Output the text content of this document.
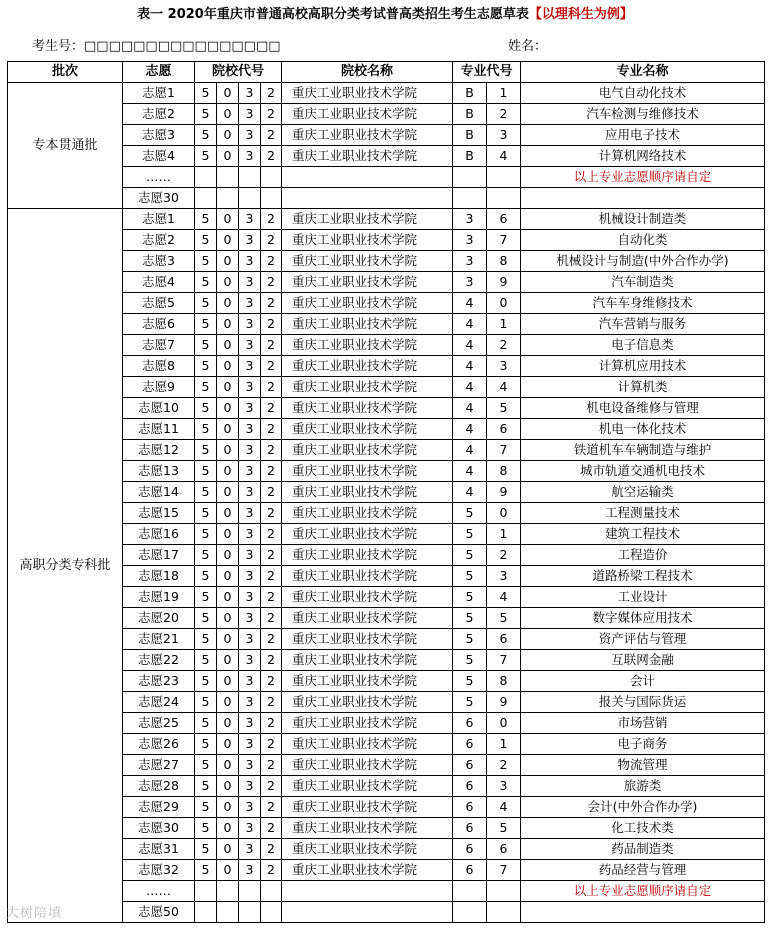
表一 2020年重庆市普通高校高职分类考试普高类招生考生志愿草表【以理科生为例】
考生号：□□□□□□□□□□□□□□□□	姓名：
批次	志愿	院校代号				院校名称	专业代号		专业名称
专本贯通批	志愿1	5	0	3	2	重庆工业职业技术学院	B	1	电气自动化技术
	志愿2	5	0	3	2	重庆工业职业技术学院	B	2	汽车检测与维修技术
	志愿3	5	0	3	2	重庆工业职业技术学院	B	3	应用电子技术
	志愿4	5	0	3	2	重庆工业职业技术学院	B	4	计算机网络技术
	……								以上专业志愿顺序请自定
	志愿30								
高职分类专科批	志愿1	5	0	3	2	重庆工业职业技术学院	3	6	机械设计制造类
	志愿2	5	0	3	2	重庆工业职业技术学院	3	7	自动化类
	志愿3	5	0	3	2	重庆工业职业技术学院	3	8	机械设计与制造(中外合作办学)
	志愿4	5	0	3	2	重庆工业职业技术学院	3	9	汽车制造类
	志愿5	5	0	3	2	重庆工业职业技术学院	4	0	汽车车身维修技术
	志愿6	5	0	3	2	重庆工业职业技术学院	4	1	汽车营销与服务
	志愿7	5	0	3	2	重庆工业职业技术学院	4	2	电子信息类
	志愿8	5	0	3	2	重庆工业职业技术学院	4	3	计算机应用技术
	志愿9	5	0	3	2	重庆工业职业技术学院	4	4	计算机类
	志愿10	5	0	3	2	重庆工业职业技术学院	4	5	机电设备维修与管理
	志愿11	5	0	3	2	重庆工业职业技术学院	4	6	机电一体化技术
	志愿12	5	0	3	2	重庆工业职业技术学院	4	7	铁道机车车辆制造与维护
	志愿13	5	0	3	2	重庆工业职业技术学院	4	8	城市轨道交通机电技术
	志愿14	5	0	3	2	重庆工业职业技术学院	4	9	航空运输类
	志愿15	5	0	3	2	重庆工业职业技术学院	5	0	工程测量技术
	志愿16	5	0	3	2	重庆工业职业技术学院	5	1	建筑工程技术
	志愿17	5	0	3	2	重庆工业职业技术学院	5	2	工程造价
	志愿18	5	0	3	2	重庆工业职业技术学院	5	3	道路桥梁工程技术
	志愿19	5	0	3	2	重庆工业职业技术学院	5	4	工业设计
	志愿20	5	0	3	2	重庆工业职业技术学院	5	5	数字媒体应用技术
	志愿21	5	0	3	2	重庆工业职业技术学院	5	6	资产评估与管理
	志愿22	5	0	3	2	重庆工业职业技术学院	5	7	互联网金融
	志愿23	5	0	3	2	重庆工业职业技术学院	5	8	会计
	志愿24	5	0	3	2	重庆工业职业技术学院	5	9	报关与国际货运
	志愿25	5	0	3	2	重庆工业职业技术学院	6	0	市场营销
	志愿26	5	0	3	2	重庆工业职业技术学院	6	1	电子商务
	志愿27	5	0	3	2	重庆工业职业技术学院	6	2	物流管理
	志愿28	5	0	3	2	重庆工业职业技术学院	6	3	旅游类
	志愿29	5	0	3	2	重庆工业职业技术学院	6	4	会计(中外合作办学)
	志愿30	5	0	3	2	重庆工业职业技术学院	6	5	化工技术类
	志愿31	5	0	3	2	重庆工业职业技术学院	6	6	药品制造类
	志愿32	5	0	3	2	重庆工业职业技术学院	6	7	药品经营与管理
	……								以上专业志愿顺序请自定
	志愿50								
大树陪填
